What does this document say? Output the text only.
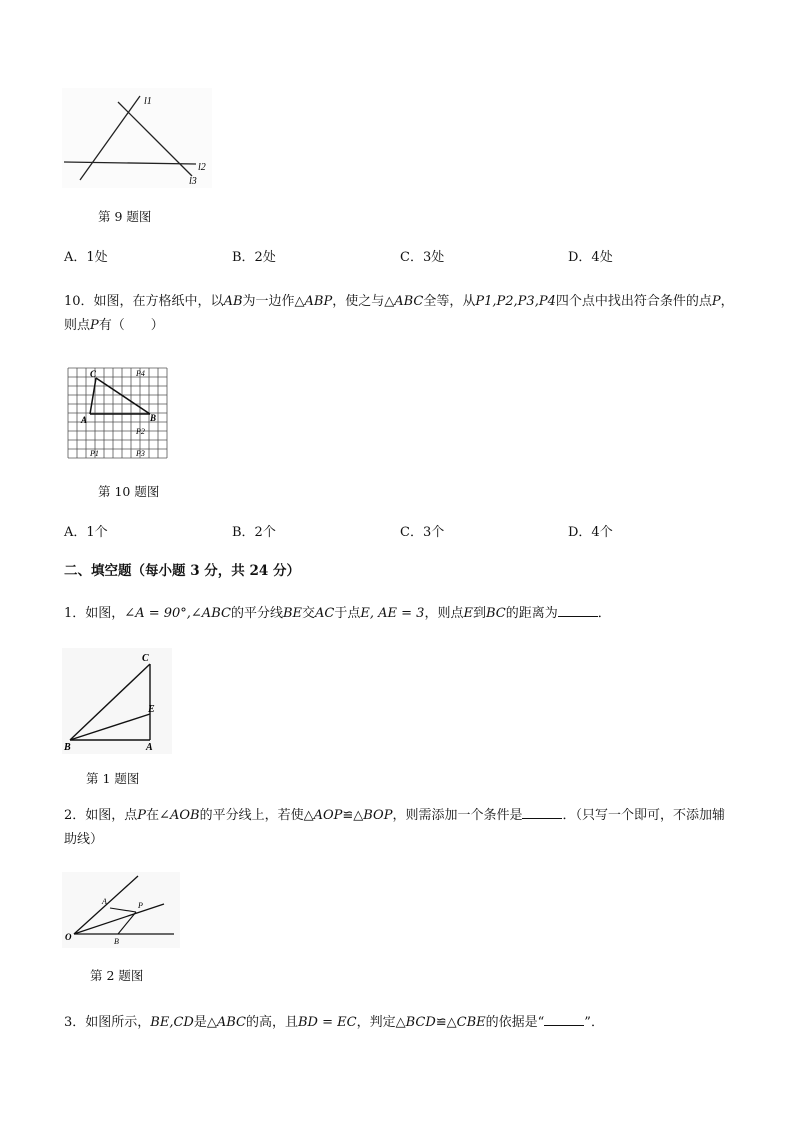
l1
l2
l3
第 9 题图
A．1处	B．2处	C．3处	D．4处
10．如图，在方格纸中，以AB为一边作△ABP，使之与△ABC全等，从P1,P2,P3,P4四个点中找出符合条件的点P，则点P有（　　）
C
A	B
P4
P2
P1	P3
第 10 题图
A．1个	B．2个	C．3个	D．4个
二、填空题（每小题 3 分，共 24 分）
1．如图，∠A = 90°,∠ABC的平分线BE交AC于点E, AE = 3，则点E到BC的距离为	．
C
E
B	A
第 1 题图
2．如图，点P在∠AOB的平分线上，若使△AOP≌△BOP，则需添加一个条件是	．（只写一个即可，不添加辅助线）
A	P
O	B
第 2 题图
3．如图所示，BE,CD是△ABC的高，且BD = EC，判定△BCD≌△CBE的依据是“	”．
